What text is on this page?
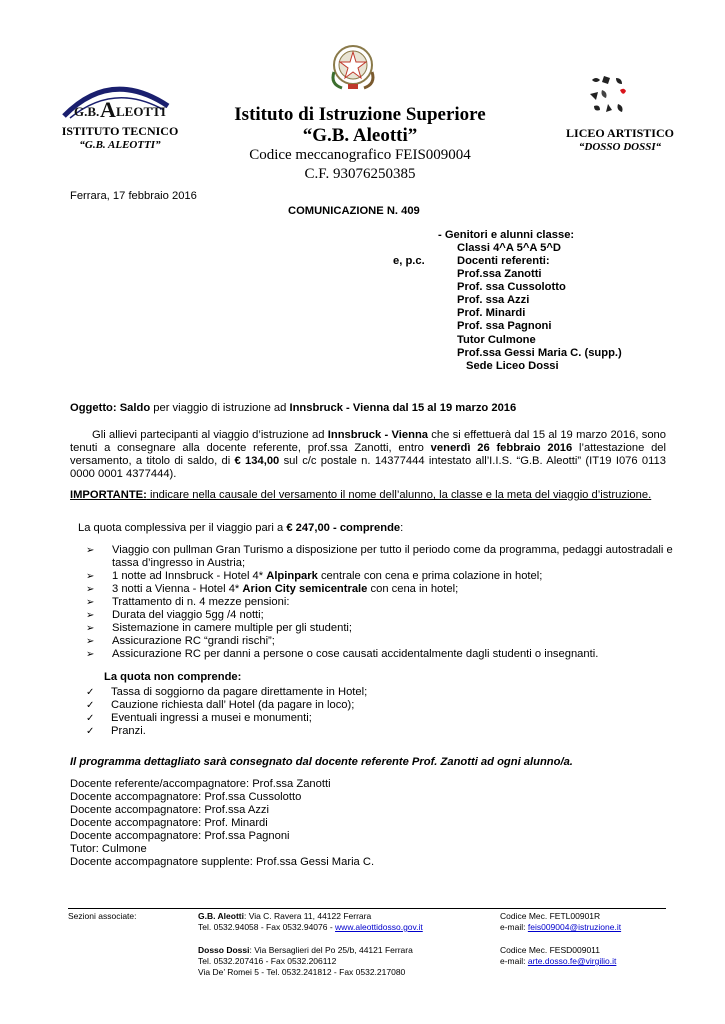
G.B. A LEOTTI
ISTITUTO TECNICO
“G.B. ALEOTTI”
Istituto di Istruzione Superiore
“G.B. Aleotti”
Codice meccanografico FEIS009004
C.F. 93076250385
LICEO ARTISTICO
“DOSSO DOSSI“
Ferrara, 17 febbraio 2016
COMUNICAZIONE N. 409
- Genitori e alunni classe:
Classi 4^A 5^A 5^D
e, p.c.	Docenti referenti:
Prof.ssa Zanotti
Prof. ssa Cussolotto
Prof. ssa Azzi
Prof. Minardi
Prof. ssa Pagnoni
Tutor Culmone
Prof.ssa Gessi Maria C. (supp.)
Sede Liceo Dossi
Oggetto: Saldo per viaggio di istruzione ad Innsbruck - Vienna dal 15 al 19 marzo 2016
Gli allievi partecipanti al viaggio d’istruzione ad Innsbruck - Vienna che si effettuerà dal 15 al 19 marzo 2016, sono tenuti a consegnare alla docente referente, prof.ssa Zanotti, entro venerdì 26 febbraio 2016 l’attestazione del versamento, a titolo di saldo, di € 134,00 sul c/c postale n. 14377444 intestato all’I.I.S. “G.B. Aleotti” (IT19 I076 0113 0000 0001 4377444).
IMPORTANTE: indicare nella causale del versamento il nome dell’alunno, la classe e la meta del viaggio d’istruzione.
La quota complessiva per il viaggio pari a € 247,00 - comprende:
➢ Viaggio con pullman Gran Turismo a disposizione per tutto il periodo come da programma, pedaggi autostradali e tassa d’ingresso in Austria;
➢ 1 notte ad Innsbruck - Hotel 4* Alpinpark centrale con cena e prima colazione in hotel;
➢ 3 notti a Vienna - Hotel 4* Arion City semicentrale con cena in hotel;
➢ Trattamento di n. 4 mezze pensioni:
➢ Durata del viaggio 5gg /4 notti;
➢ Sistemazione in camere multiple per gli studenti;
➢ Assicurazione RC “grandi rischi”;
➢ Assicurazione RC per danni a persone o cose causati accidentalmente dagli studenti o insegnanti.
La quota non comprende:
✓ Tassa di soggiorno da pagare direttamente in Hotel;
✓ Cauzione richiesta dall’ Hotel (da pagare in loco);
✓ Eventuali ingressi a musei e monumenti;
✓ Pranzi.
Il programma dettagliato sarà consegnato dal docente referente Prof. Zanotti ad ogni alunno/a.
Docente referente/accompagnatore: Prof.ssa Zanotti
Docente accompagnatore: Prof.ssa Cussolotto
Docente accompagnatore: Prof.ssa Azzi
Docente accompagnatore: Prof. Minardi
Docente accompagnatore: Prof.ssa Pagnoni
Tutor: Culmone
Docente accompagnatore supplente: Prof.ssa Gessi Maria C.
Sezioni associate:	G.B. Aleotti: Via C. Ravera 11, 44122 Ferrara
Tel. 0532.94058 - Fax 0532.94076 - www.aleottidosso.gov.it
Codice Mec. FETL00901R
e-mail: feis009004@istruzione.it
Dosso Dossi: Via Bersaglieri del Po 25/b, 44121 Ferrara
Tel. 0532.207416 - Fax 0532.206112
Via De’ Romei 5 - Tel. 0532.241812 - Fax 0532.217080
Codice Mec. FESD009011
e-mail: arte.dosso.fe@virgilio.it
